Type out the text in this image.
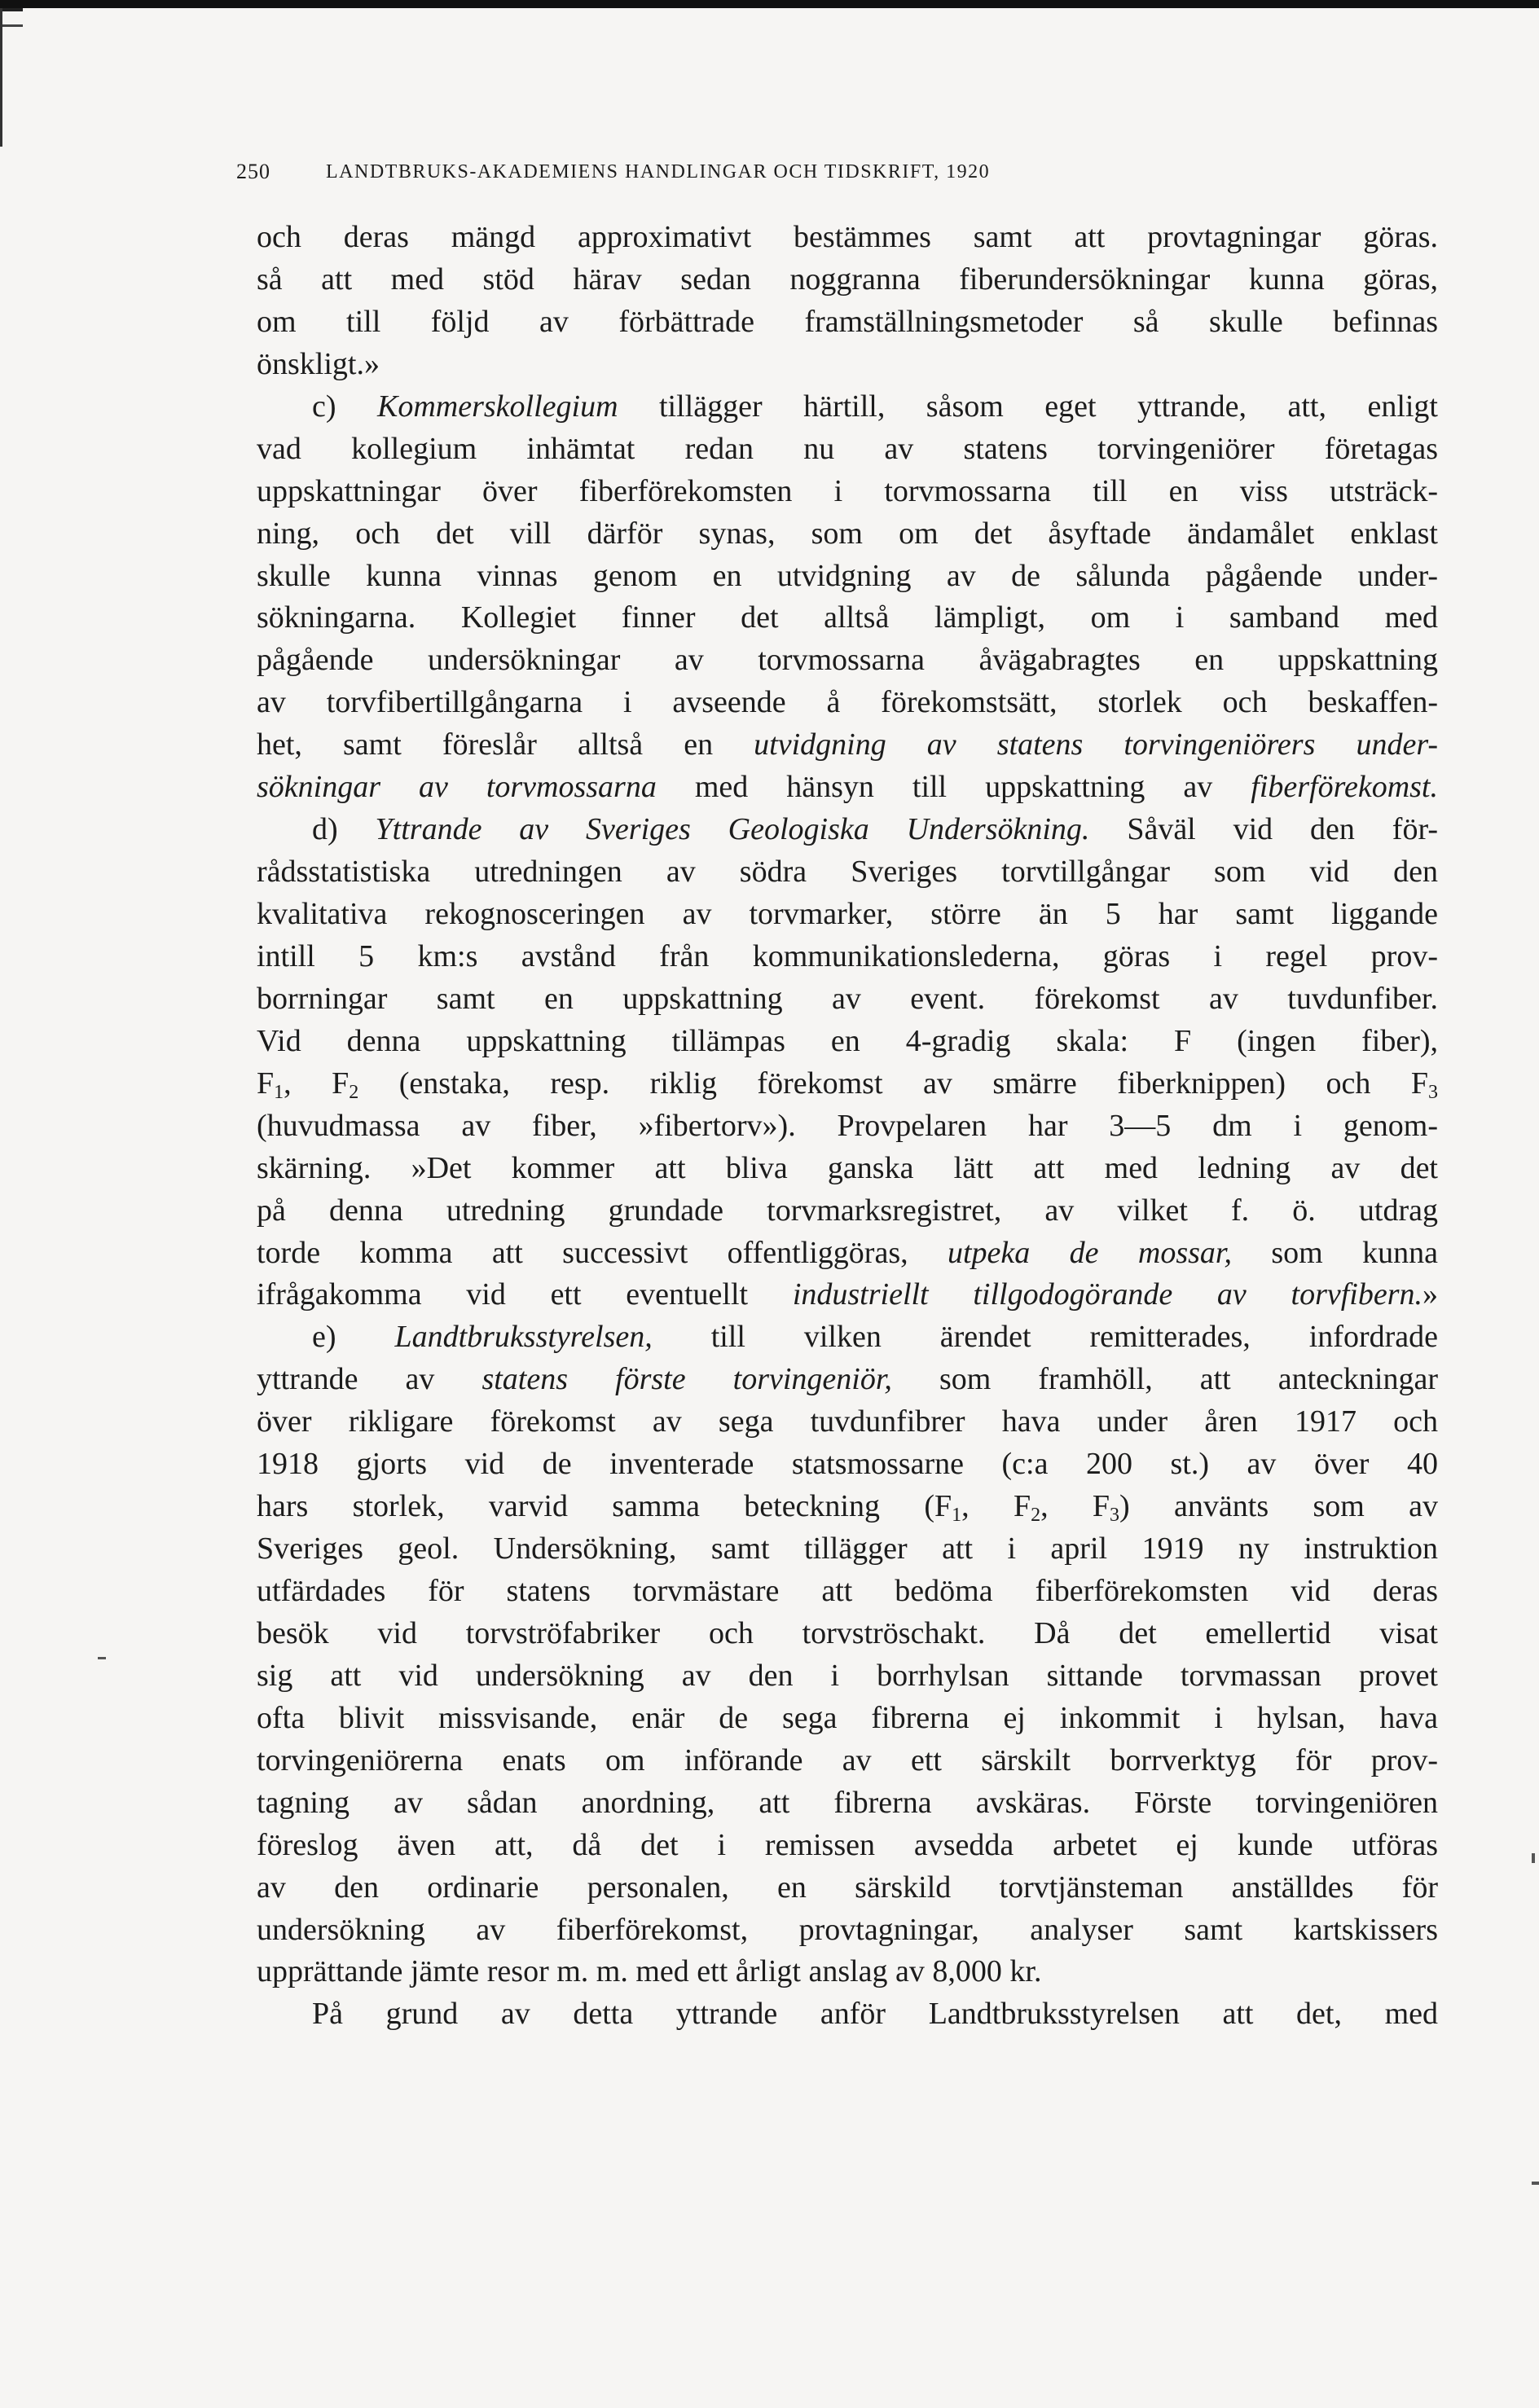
250	LANDTBRUKS-AKADEMIENS HANDLINGAR OCH TIDSKRIFT, 1920
och deras mängd approximativt bestämmes samt att provtagningar göras.
så att med stöd härav sedan noggranna fiberundersökningar kunna göras,
om till följd av förbättrade framställningsmetoder så skulle befinnas
önskligt.»
c) Kommerskollegium tillägger härtill, såsom eget yttrande, att, enligt
vad kollegium inhämtat redan nu av statens torvingeniörer företagas
uppskattningar över fiberförekomsten i torvmossarna till en viss utsträck-
ning, och det vill därför synas, som om det åsyftade ändamålet enklast
skulle kunna vinnas genom en utvidgning av de sålunda pågående under-
sökningarna. Kollegiet finner det alltså lämpligt, om i samband med
pågående undersökningar av torvmossarna åvägabragtes en uppskattning
av torvfibertillgångarna i avseende å förekomstsätt, storlek och beskaffen-
het, samt föreslår alltså en utvidgning av statens torvingeniörers under-
sökningar av torvmossarna med hänsyn till uppskattning av fiberförekomst.
d) Yttrande av Sveriges Geologiska Undersökning. Såväl vid den för-
rådsstatistiska utredningen av södra Sveriges torvtillgångar som vid den
kvalitativa rekognosceringen av torvmarker, större än 5 har samt liggande
intill 5 km:s avstånd från kommunikationslederna, göras i regel prov-
borrningar samt en uppskattning av event. förekomst av tuvdunfiber.
Vid denna uppskattning tillämpas en 4-gradig skala: F (ingen fiber),
$F_1$, $F_2$ (enstaka, resp. riklig förekomst av smärre fiberknippen) och $F_3$
(huvudmassa av fiber, »fibertorv»). Provpelaren har 3—5 dm i genom-
skärning. »Det kommer att bliva ganska lätt att med ledning av det
på denna utredning grundade torvmarksregistret, av vilket f. ö. utdrag
torde komma att successivt offentliggöras, utpeka de mossar, som kunna
ifrågakomma vid ett eventuellt industriellt tillgodogörande av torvfibern.»
e) Landtbruksstyrelsen, till vilken ärendet remitterades, infordrade
yttrande av statens förste torvingeniör, som framhöll, att anteckningar
över rikligare förekomst av sega tuvdunfibrer hava under åren 1917 och
1918 gjorts vid de inventerade statsmossarne (c:a 200 st.) av över 40
hars storlek, varvid samma beteckning ($F_1$, $F_2$, $F_3$) använts som av
Sveriges geol. Undersökning, samt tillägger att i april 1919 ny instruktion
utfärdades för statens torvmästare att bedöma fiberförekomsten vid deras
besök vid torvströfabriker och torvströschakt. Då det emellertid visat
sig att vid undersökning av den i borrhylsan sittande torvmassan provet
ofta blivit missvisande, enär de sega fibrerna ej inkommit i hylsan, hava
torvingeniörerna enats om införande av ett särskilt borrverktyg för prov-
tagning av sådan anordning, att fibrerna avskäras. Förste torvingeniören
föreslog även att, då det i remissen avsedda arbetet ej kunde utföras
av den ordinarie personalen, en särskild torvtjänsteman anställdes för
undersökning av fiberförekomst, provtagningar, analyser samt kartskissers
upprättande jämte resor m. m. med ett årligt anslag av 8,000 kr.
På grund av detta yttrande anför Landtbruksstyrelsen att det, med
